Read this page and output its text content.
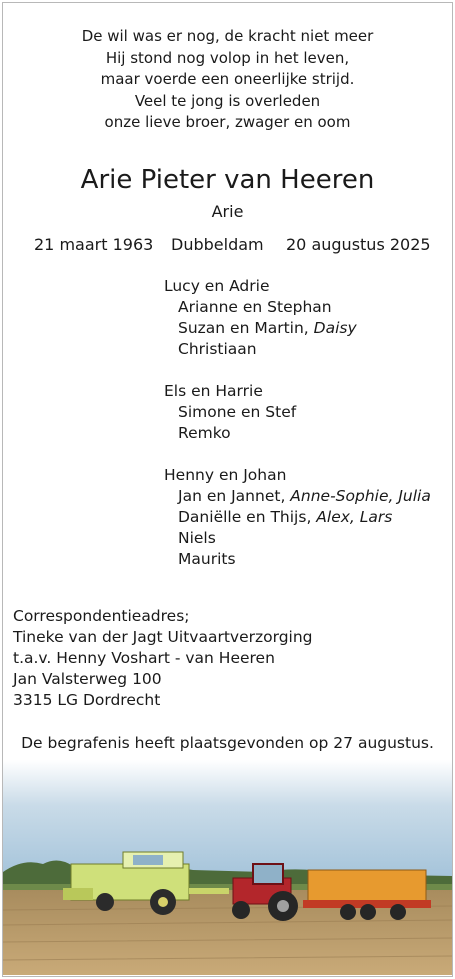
De wil was er nog, de kracht niet meer
Hij stond nog volop in het leven,
maar voerde een oneerlijke strijd.
Veel te jong is overleden
onze lieve broer, zwager en oom
Arie Pieter van Heeren
Arie
21 maart 1963 Dubbeldam 20 augustus 2025
Lucy en Adrie
Arianne en Stephan
Suzan en Martin, Daisy
Christiaan
Els en Harrie
Simone en Stef
Remko
Henny en Johan
Jan en Jannet, Anne-Sophie, Julia
Daniëlle en Thijs, Alex, Lars
Niels
Maurits
Correspondentieadres;
Tineke van der Jagt Uitvaartverzorging
t.a.v. Henny Voshart - van Heeren
Jan Valsterweg 100
3315 LG Dordrecht
De begrafenis heeft plaatsgevonden op 27 augustus.
